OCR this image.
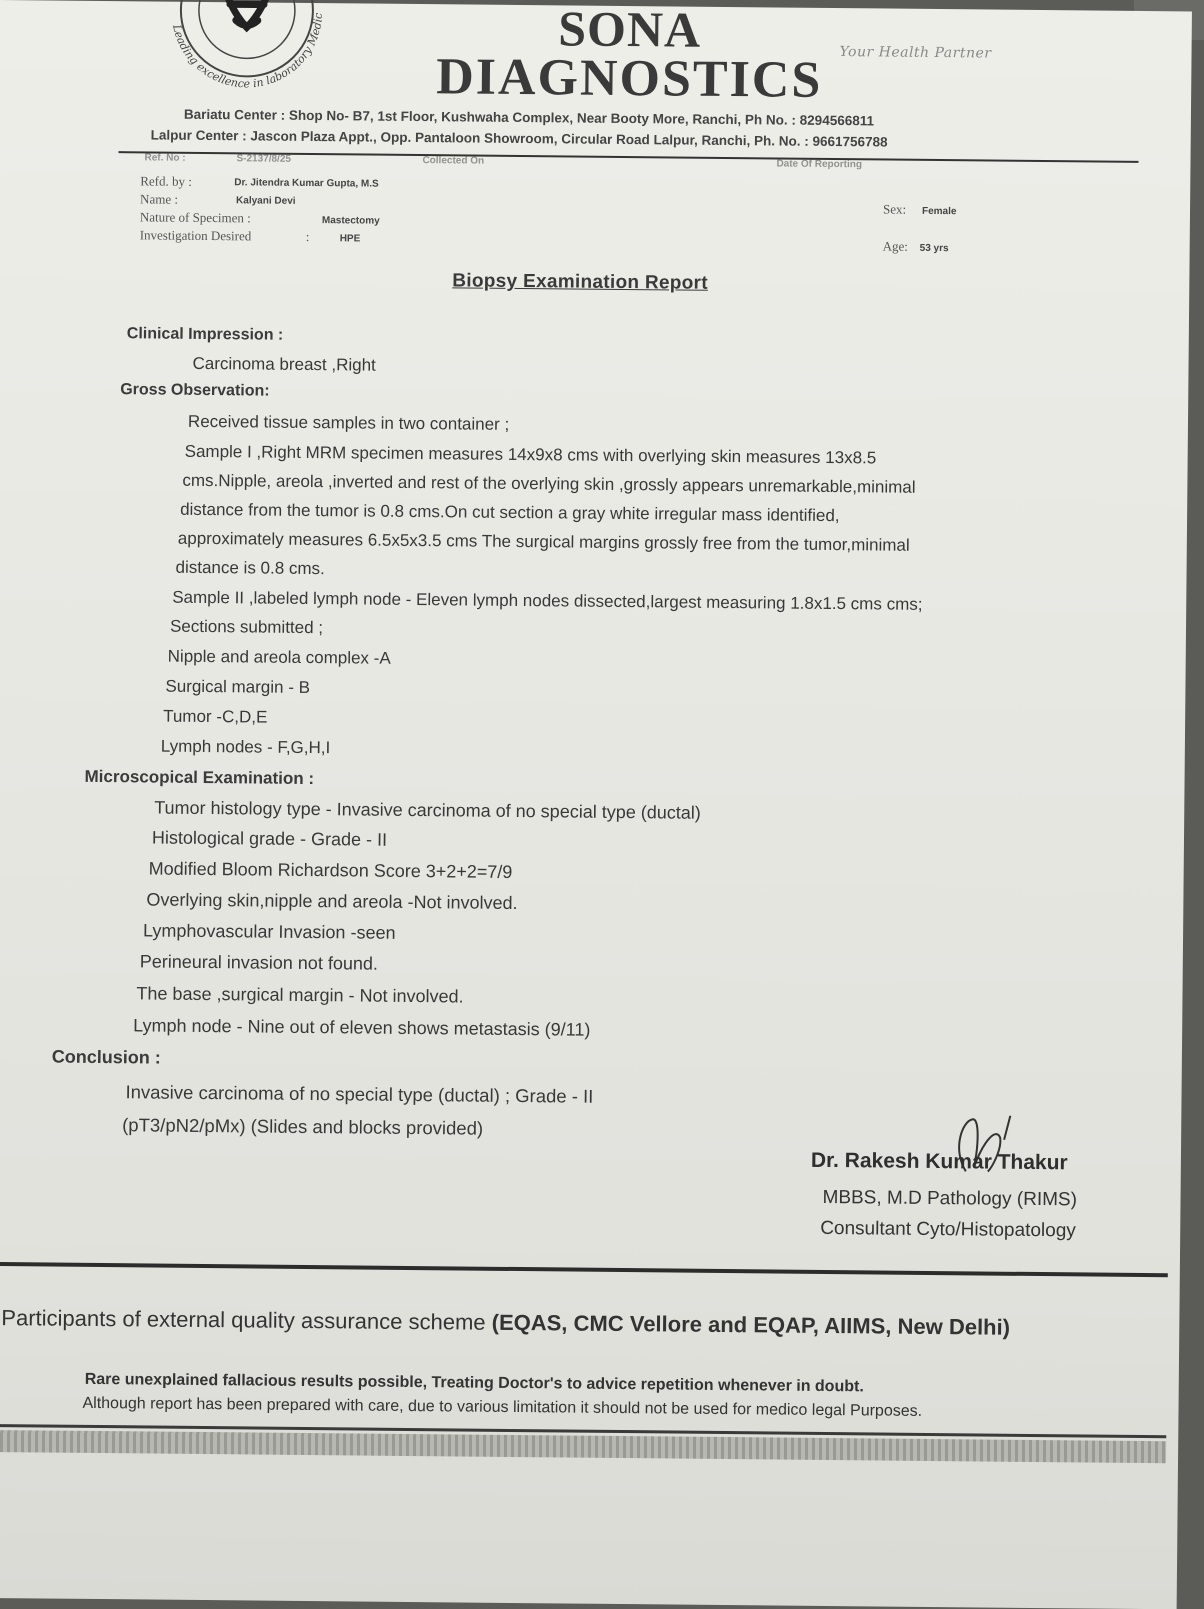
Leading excellence in laboratory Medicine
SONA
DIAGNOSTICS	Your Health Partner
Bariatu Center : Shop No- B7, 1st Floor, Kushwaha Complex, Near Booty More, Ranchi, Ph No. : 8294566811
Lalpur Center : Jascon Plaza Appt., Opp. Pantaloon Showroom, Circular Road Lalpur, Ranchi, Ph. No. : 9661756788
Ref. No :	S-2137/8/25	Collected On	Date Of Reporting
Refd. by :	Dr. Jitendra Kumar Gupta, M.S
Name :	Kalyani Devi
Nature of Specimen :	Mastectomy
Investigation Desired	:	HPE
Sex: Female
Age: 53 yrs
Biopsy Examination Report
Clinical Impression :
Carcinoma breast ,Right
Gross Observation:
Received tissue samples in two container ;
Sample I ,Right MRM specimen measures 14x9x8 cms with overlying skin measures 13x8.5
cms.Nipple, areola ,inverted and rest of the overlying skin ,grossly appears unremarkable,minimal
distance from the tumor is 0.8 cms.On cut section a gray white irregular mass identified,
approximately measures 6.5x5x3.5 cms The surgical margins grossly free from the tumor,minimal
distance is 0.8 cms.
Sample II ,labeled lymph node - Eleven lymph nodes dissected,largest measuring 1.8x1.5 cms cms;
Sections submitted ;
Nipple and areola complex -A
Surgical margin - B
Tumor -C,D,E
Lymph nodes - F,G,H,I
Microscopical Examination :
Tumor histology type - Invasive carcinoma of no special type (ductal)
Histological grade - Grade - II
Modified Bloom Richardson Score 3+2+2=7/9
Overlying skin,nipple and areola -Not involved.
Lymphovascular Invasion -seen
Perineural invasion not found.
The base ,surgical margin - Not involved.
Lymph node - Nine out of eleven shows metastasis (9/11)
Conclusion :
Invasive carcinoma of no special type (ductal) ; Grade - II
(pT3/pN2/pMx) (Slides and blocks provided)
Dr. Rakesh Kumar Thakur
MBBS, M.D Pathology (RIMS)
Consultant Cyto/Histopatology
Participants of external quality assurance scheme (EQAS, CMC Vellore and EQAP, AIIMS, New Delhi)
Rare unexplained fallacious results possible, Treating Doctor's to advice repetition whenever in doubt.
Although report has been prepared with care, due to various limitation it should not be used for medico legal Purposes.
